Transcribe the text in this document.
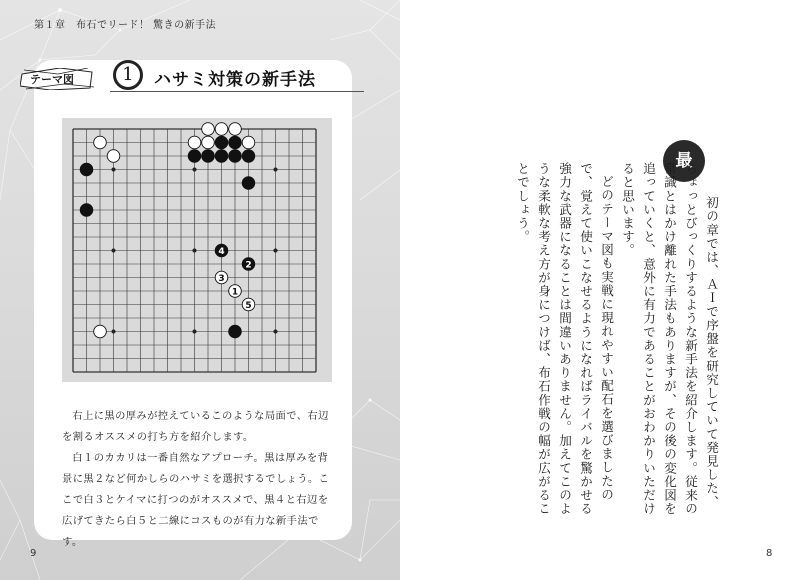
第１章　布石でリード！ 驚きの新手法
テーマ図	1	ハサミ対策の新手法
1
2
3
4
5

右上に黒の厚みが控えているこのような局面で、右辺を割るオススメの打ち方を紹介します。

白１のカカリは一番自然なアプローチ。黒は厚みを背景に黒２など何かしらのハサミを選択するでしょう。ここで白３とケイマに打つのがオススメで、黒４と右辺を広げてきたら白５と二線にコスものが有力な新手法です。

9
最

初の章では、ＡＩで序盤を研究していて発見した、ちょっとびっくりするような新手法を紹介します。従来の常識とはかけ離れた手法もありますが、その後の変化図を追っていくと、意外に有力であることがおわかりいただけると思います。

どのテーマ図も実戦に現れやすい配石を選びましたので、覚えて使いこなせるようになればライバルを驚かせる強力な武器になることは間違いありません。加えてこのような柔軟な考え方が身につけば、布石作戦の幅が広がることでしょう。

8
